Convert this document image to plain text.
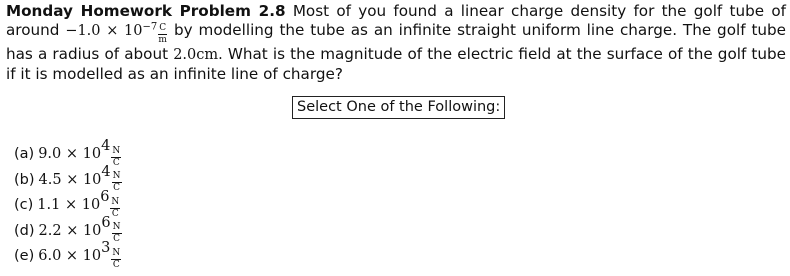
Monday Homework Problem 2.8 Most of you found a linear charge density for the golf tube of around $-1.0 \times 10^{-7} \frac{C}{m}$ by modelling the tube as an infinite straight uniform line charge. The golf tube has a radius of about 2.0cm. What is the magnitude of the electric field at the surface of the golf tube if it is modelled as an infinite line of charge?
Select One of the Following:
(a) $9.0 \times 10^4$
$\frac{N}{C}$
(b) $4.5 \times 10^4$
$\frac{N}{C}$
(c) $1.1 \times 10^6$
$\frac{N}{C}$
(d) $2.2 \times 10^6$
$\frac{N}{C}$
(e) $6.0 \times 10^3$
$\frac{N}{C}$
